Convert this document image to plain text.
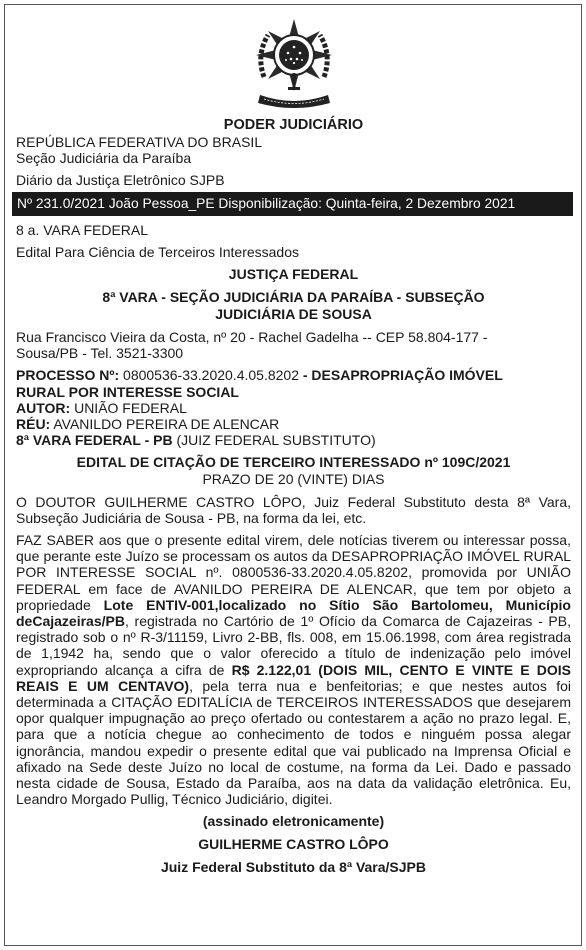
PODER JUDICIÁRIO
REPÚBLICA FEDERATIVA DO BRASIL
Seção Judiciária da Paraíba
Diário da Justiça Eletrônico SJPB
Nº 231.0/2021 João Pessoa_PE Disponibilização: Quinta-feira, 2 Dezembro 2021
8 a. VARA FEDERAL
Edital Para Ciência de Terceiros Interessados
JUSTIÇA FEDERAL
8ª VARA - SEÇÃO JUDICIÁRIA DA PARAÍBA - SUBSEÇÃO
JUDICIÁRIA DE SOUSA
Rua Francisco Vieira da Costa, nº 20 - Rachel Gadelha -- CEP 58.804-177 -
Sousa/PB - Tel. 3521-3300
PROCESSO Nº: 0800536-33.2020.4.05.8202 - DESAPROPRIAÇÃO IMÓVEL
RURAL POR INTERESSE SOCIAL
AUTOR: UNIÃO FEDERAL
RÉU: AVANILDO PEREIRA DE ALENCAR
8ª VARA FEDERAL - PB (JUIZ FEDERAL SUBSTITUTO)
EDITAL DE CITAÇÃO DE TERCEIRO INTERESSADO nº 109C/2021
PRAZO DE 20 (VINTE) DIAS
O DOUTOR GUILHERME CASTRO LÔPO, Juiz Federal Substituto desta 8ª Vara, Subseção Judiciária de Sousa - PB, na forma da lei, etc.
FAZ SABER aos que o presente edital virem, dele notícias tiverem ou interessar possa, que perante este Juízo se processam os autos da DESAPROPRIAÇÃO IMÓVEL RURAL POR INTERESSE SOCIAL nº. 0800536-33.2020.4.05.8202, promovida por UNIÃO FEDERAL em face de AVANILDO PEREIRA DE ALENCAR, que tem por objeto a propriedade Lote ENTIV-001,localizado no Sítio São Bartolomeu, Município deCajazeiras/PB, registrada no Cartório de 1º Ofício da Comarca de Cajazeiras - PB, registrado sob o nº R-3/11159, Livro 2-BB, fls. 008, em 15.06.1998, com área registrada de 1,1942 ha, sendo que o valor oferecido a título de indenização pelo imóvel expropriando alcança a cifra de R$ 2.122,01 (DOIS MIL, CENTO E VINTE E DOIS REAIS E UM CENTAVO), pela terra nua e benfeitorias; e que nestes autos foi determinada a CITAÇÃO EDITALÍCIA de TERCEIROS INTERESSADOS que desejarem opor qualquer impugnação ao preço ofertado ou contestarem a ação no prazo legal. E, para que a notícia chegue ao conhecimento de todos e ninguém possa alegar ignorância, mandou expedir o presente edital que vai publicado na Imprensa Oficial e afixado na Sede deste Juízo no local de costume, na forma da Lei. Dado e passado nesta cidade de Sousa, Estado da Paraíba, aos na data da validação eletrônica. Eu, Leandro Morgado Pullig, Técnico Judiciário, digitei.
(assinado eletronicamente)
GUILHERME CASTRO LÔPO
Juiz Federal Substituto da 8ª Vara/SJPB
